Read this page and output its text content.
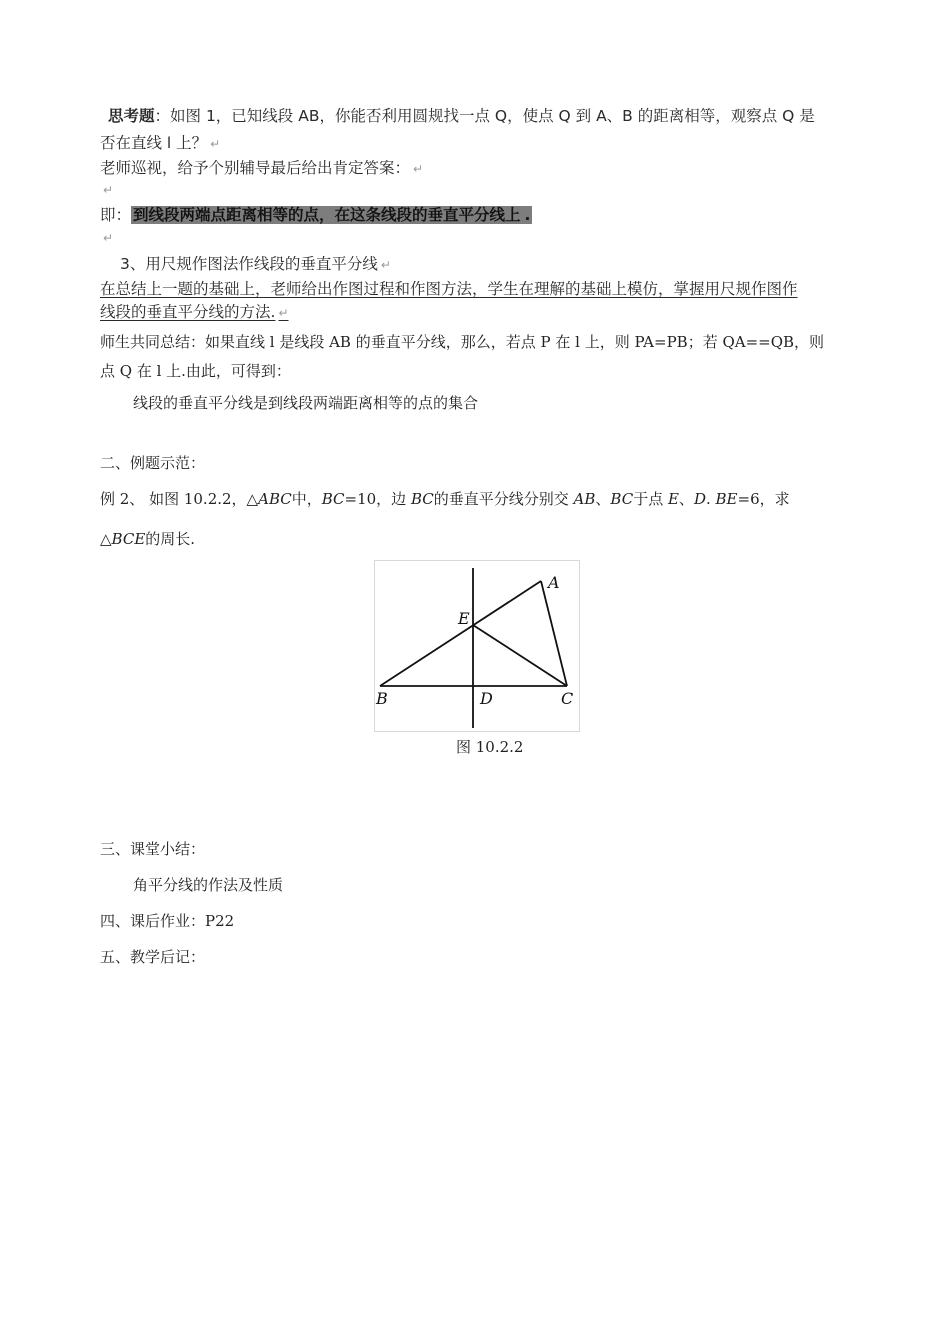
思考题：如图 1，已知线段 AB，你能否利用圆规找一点 Q，使点 Q 到 A、B 的距离相等，观察点 Q 是
否在直线 l 上？ ↵
老师巡视，给予个别辅导最后给出肯定答案： ↵
↵
即： 到线段两端点距离相等的点，在这条线段的垂直平分线上 .
↵
3、用尺规作图法作线段的垂直平分线 ↵
在总结上一题的基础上，老师给出作图过程和作图方法，学生在理解的基础上模仿，掌握用尺规作图作
线段的垂直平分线的方法. ↵
师生共同总结：如果直线 l 是线段 AB 的垂直平分线，那么，若点 P 在 l 上，则 PA=PB；若 QA==QB，则
点 Q 在 l 上.由此，可得到：
线段的垂直平分线是到线段两端距离相等的点的集合
二、例题示范：
例 2、 如图 10.2.2，△ABC中，BC=10，边 BC的垂直平分线分别交 AB、BC于点 E、D. BE=6，求
△BCE的周长.
A
E
B	D	C
图 10.2.2
三、课堂小结：
角平分线的作法及性质
四、课后作业：P22
五、教学后记：
